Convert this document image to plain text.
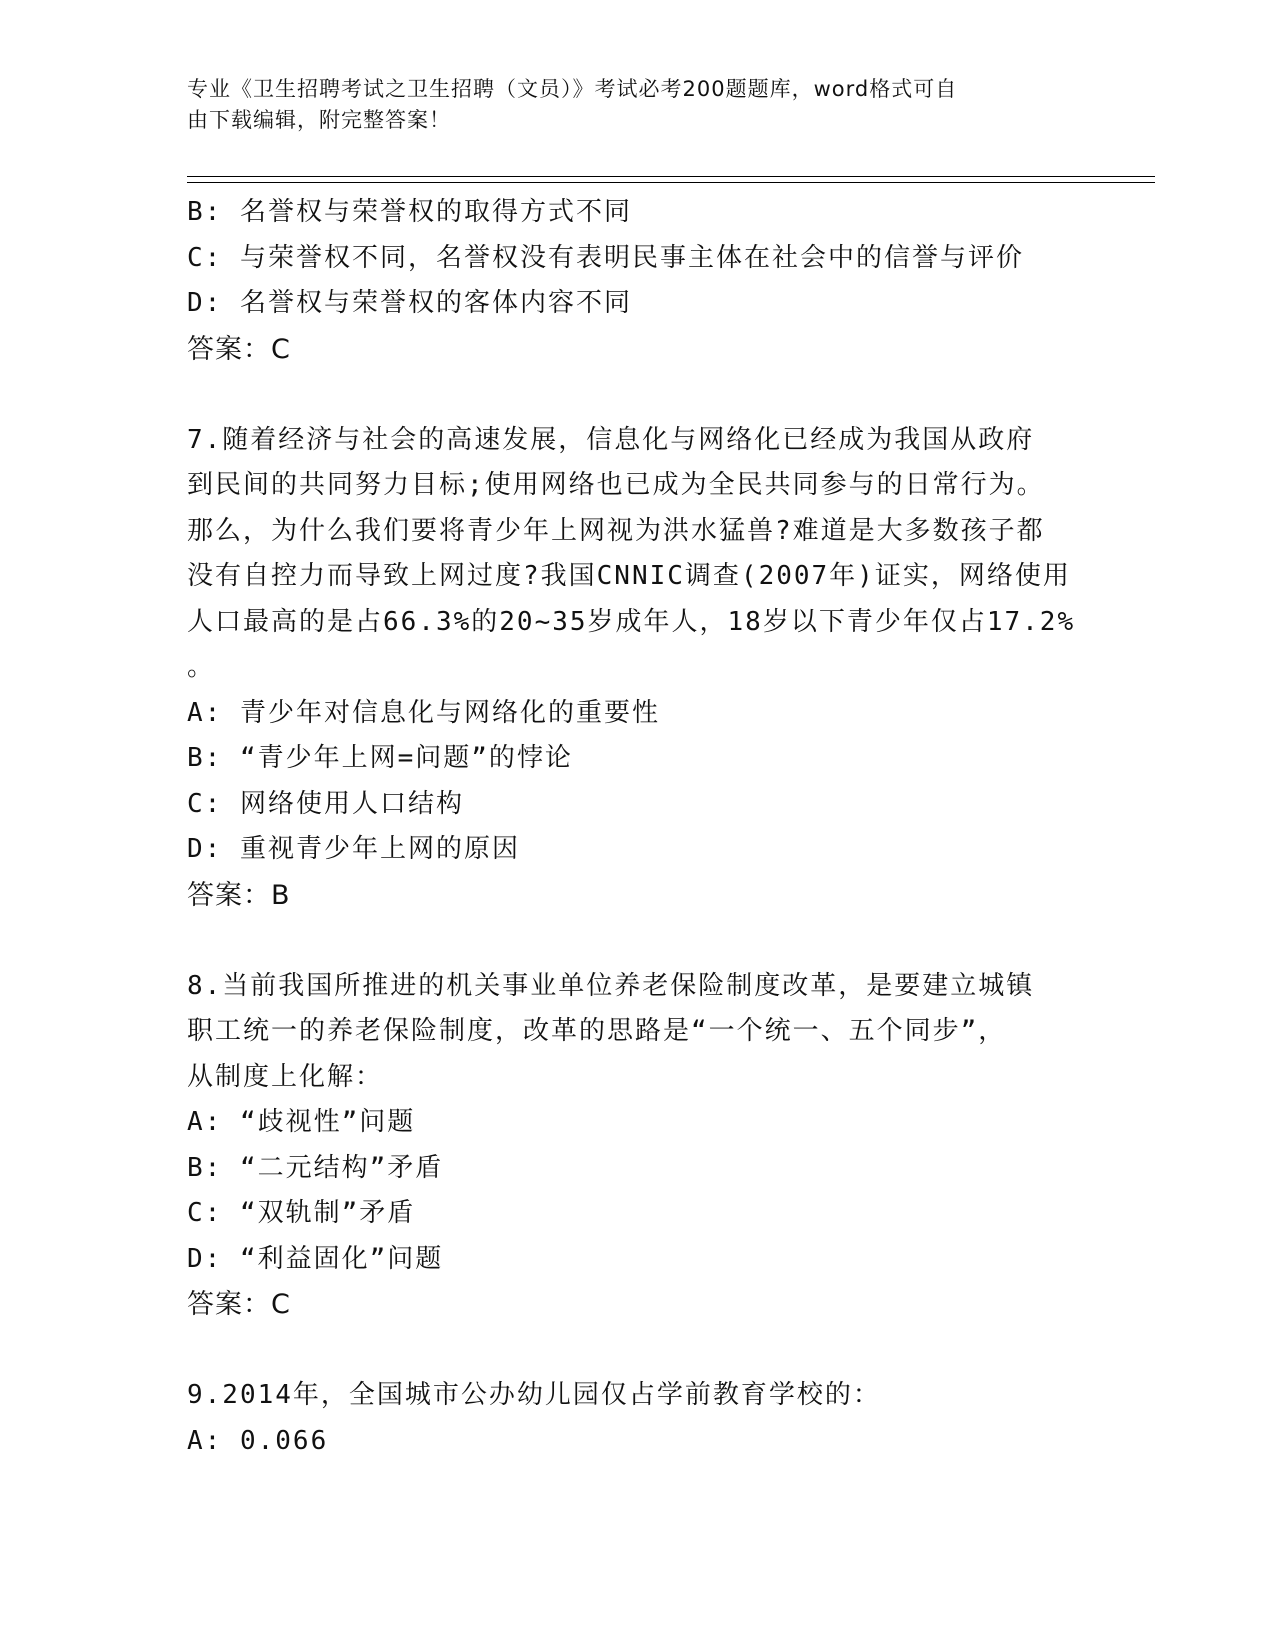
专业《卫生招聘考试之卫生招聘（文员）》考试必考200题题库，word格式可自
由下载编辑，附完整答案！
B: 名誉权与荣誉权的取得方式不同
C: 与荣誉权不同，名誉权没有表明民事主体在社会中的信誉与评价
D: 名誉权与荣誉权的客体内容不同
答案：C
7.随着经济与社会的高速发展，信息化与网络化已经成为我国从政府
到民间的共同努力目标;使用网络也已成为全民共同参与的日常行为。
那么，为什么我们要将青少年上网视为洪水猛兽?难道是大多数孩子都
没有自控力而导致上网过度?我国CNNIC调查(2007年)证实，网络使用
人口最高的是占66.3%的20~35岁成年人，18岁以下青少年仅占17.2%
。
A: 青少年对信息化与网络化的重要性
B: “青少年上网=问题”的悖论
C: 网络使用人口结构
D: 重视青少年上网的原因
答案：B
8.当前我国所推进的机关事业单位养老保险制度改革，是要建立城镇
职工统一的养老保险制度，改革的思路是“一个统一、五个同步”，
从制度上化解：
A: “歧视性”问题
B: “二元结构”矛盾
C: “双轨制”矛盾
D: “利益固化”问题
答案：C
9.2014年，全国城市公办幼儿园仅占学前教育学校的：
A: 0.066
